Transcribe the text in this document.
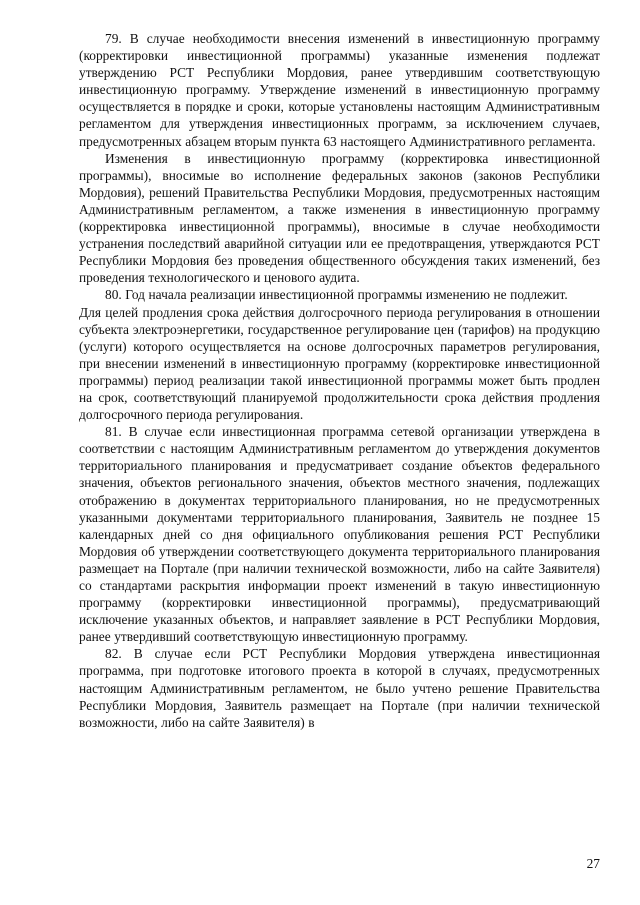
79. В случае необходимости внесения изменений в инвестиционную программу (корректировки инвестиционной программы) указанные изменения подлежат утверждению РСТ Республики Мордовия, ранее утвердившим соответствующую инвестиционную программу. Утверждение изменений в инвестиционную программу осуществляется в порядке и сроки, которые установлены настоящим Административным регламентом для утверждения инвестиционных программ, за исключением случаев, предусмотренных абзацем вторым пункта 63 настоящего Административного регламента.

Изменения в инвестиционную программу (корректировка инвестиционной программы), вносимые во исполнение федеральных законов (законов Республики Мордовия), решений Правительства Республики Мордовия, предусмотренных настоящим Административным регламентом, а также изменения в инвестиционную программу (корректировка инвестиционной программы), вносимые в случае необходимости устранения последствий аварийной ситуации или ее предотвращения, утверждаются РСТ Республики Мордовия без проведения общественного обсуждения таких изменений, без проведения технологического и ценового аудита.

80. Год начала реализации инвестиционной программы изменению не подлежит.

Для целей продления срока действия долгосрочного периода регулирования в отношении субъекта электроэнергетики, государственное регулирование цен (тарифов) на продукцию (услуги) которого осуществляется на основе долгосрочных параметров регулирования, при внесении изменений в инвестиционную программу (корректировке инвестиционной программы) период реализации такой инвестиционной программы может быть продлен на срок, соответствующий планируемой продолжительности срока действия продления долгосрочного периода регулирования.

81. В случае если инвестиционная программа сетевой организации утверждена в соответствии с настоящим Административным регламентом до утверждения документов территориального планирования и предусматривает создание объектов федерального значения, объектов регионального значения, объектов местного значения, подлежащих отображению в документах территориального планирования, но не предусмотренных указанными документами территориального планирования, Заявитель не позднее 15 календарных дней со дня официального опубликования решения РСТ Республики Мордовия об утверждении соответствующего документа территориального планирования размещает на Портале (при наличии технической возможности, либо на сайте Заявителя) со стандартами раскрытия информации проект изменений в такую инвестиционную программу (корректировки инвестиционной программы), предусматривающий исключение указанных объектов, и направляет заявление в РСТ Республики Мордовия, ранее утвердивший соответствующую инвестиционную программу.

82. В случае если РСТ Республики Мордовия утверждена инвестиционная программа, при подготовке итогового проекта в которой в случаях, предусмотренных настоящим Административным регламентом, не было учтено решение Правительства Республики Мордовия, Заявитель размещает на Портале (при наличии технической возможности, либо на сайте Заявителя) в

27
